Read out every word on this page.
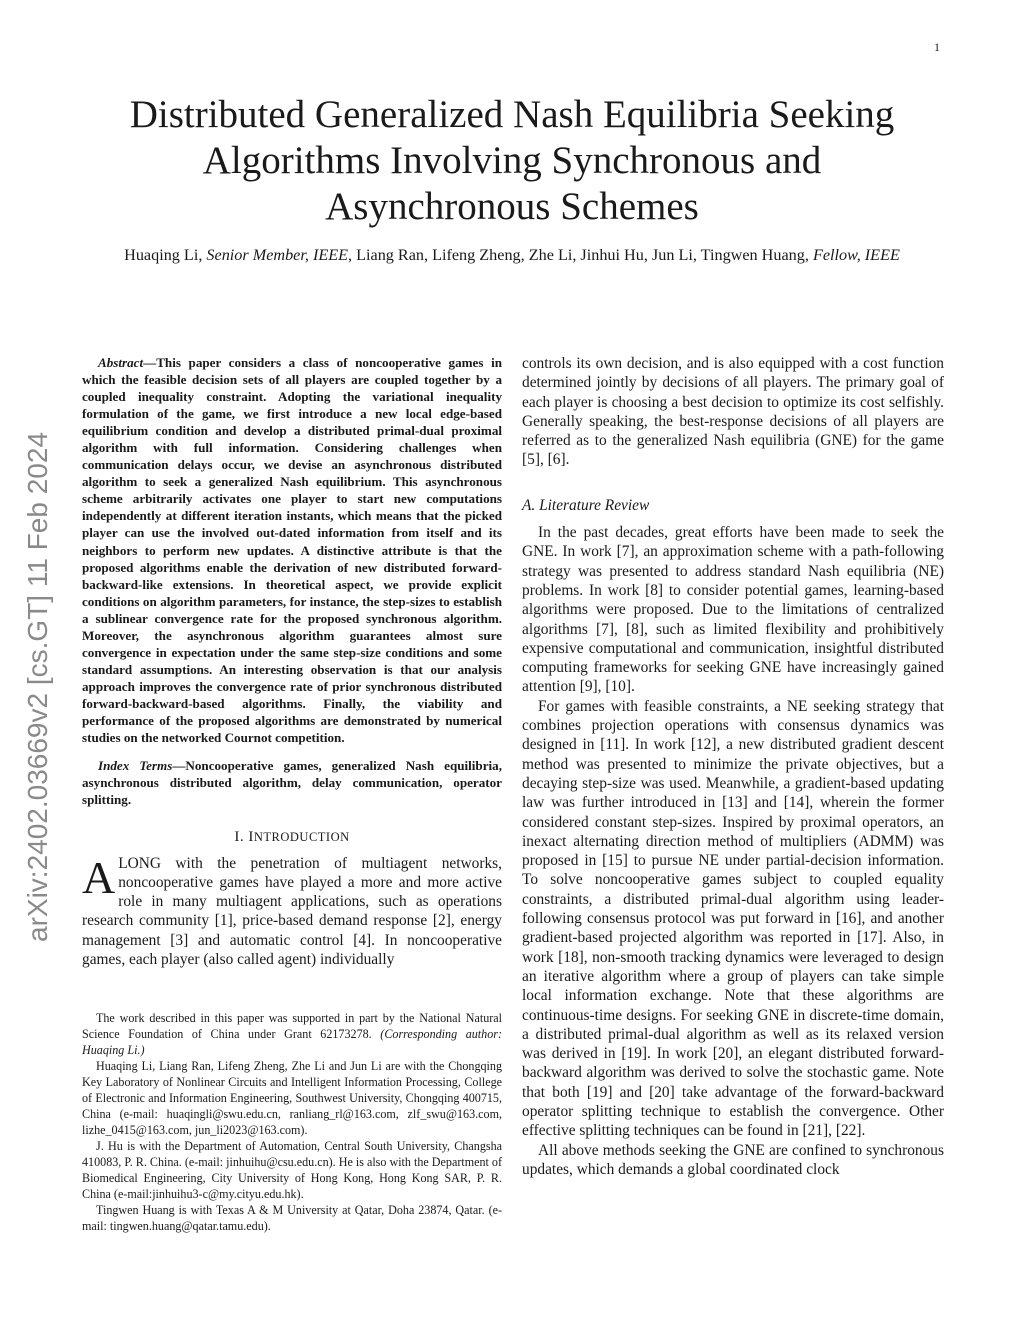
1
arXiv:2402.03669v2 [cs.GT] 11 Feb 2024
Distributed Generalized Nash Equilibria Seeking
Algorithms Involving Synchronous and
Asynchronous Schemes
Huaqing Li, Senior Member, IEEE, Liang Ran, Lifeng Zheng, Zhe Li, Jinhui Hu, Jun Li, Tingwen Huang, Fellow, IEEE

Abstract—This paper considers a class of noncooperative games in which the feasible decision sets of all players are coupled together by a coupled inequality constraint. Adopting the variational inequality formulation of the game, we first introduce a new local edge-based equilibrium condition and develop a distributed primal-dual proximal algorithm with full information. Considering challenges when communication delays occur, we devise an asynchronous distributed algorithm to seek a generalized Nash equilibrium. This asynchronous scheme arbitrarily activates one player to start new computations independently at different iteration instants, which means that the picked player can use the involved out-dated information from itself and its neighbors to perform new updates. A distinctive attribute is that the proposed algorithms enable the derivation of new distributed forward-backward-like extensions. In theoretical aspect, we provide explicit conditions on algorithm parameters, for instance, the step-sizes to establish a sublinear convergence rate for the proposed synchronous algorithm. Moreover, the asynchronous algorithm guarantees almost sure convergence in expectation under the same step-size conditions and some standard assumptions. An interesting observation is that our analysis approach improves the convergence rate of prior synchronous distributed forward-backward-based algorithms. Finally, the viability and performance of the proposed algorithms are demonstrated by numerical studies on the networked Cournot competition.

Index Terms—Noncooperative games, generalized Nash equilibria, asynchronous distributed algorithm, delay communication, operator splitting.

I. INTRODUCTION

ALONG with the penetration of multiagent networks, noncooperative games have played a more and more active role in many multiagent applications, such as operations research community [1], price-based demand response [2], energy management [3] and automatic control [4]. In noncooperative games, each player (also called agent) individually

The work described in this paper was supported in part by the National Natural Science Foundation of China under Grant 62173278. (Corresponding author: Huaqing Li.)

Huaqing Li, Liang Ran, Lifeng Zheng, Zhe Li and Jun Li are with the Chongqing Key Laboratory of Nonlinear Circuits and Intelligent Information Processing, College of Electronic and Information Engineering, Southwest University, Chongqing 400715, China (e-mail: huaqingli@swu.edu.cn, ranliang_rl@163.com, zlf_swu@163.com, lizhe_0415@163.com, jun_li2023@163.com).

J. Hu is with the Department of Automation, Central South University, Changsha 410083, P. R. China. (e-mail: jinhuihu@csu.edu.cn). He is also with the Department of Biomedical Engineering, City University of Hong Kong, Hong Kong SAR, P. R. China (e-mail:jinhuihu3-c@my.cityu.edu.hk).

Tingwen Huang is with Texas A & M University at Qatar, Doha 23874, Qatar. (e-mail: tingwen.huang@qatar.tamu.edu).

controls its own decision, and is also equipped with a cost function determined jointly by decisions of all players. The primary goal of each player is choosing a best decision to optimize its cost selfishly. Generally speaking, the best-response decisions of all players are referred as to the generalized Nash equilibria (GNE) for the game [5], [6].

A. Literature Review

In the past decades, great efforts have been made to seek the GNE. In work [7], an approximation scheme with a path-following strategy was presented to address standard Nash equilibria (NE) problems. In work [8] to consider potential games, learning-based algorithms were proposed. Due to the limitations of centralized algorithms [7], [8], such as limited flexibility and prohibitively expensive computational and communication, insightful distributed computing frameworks for seeking GNE have increasingly gained attention [9], [10].

For games with feasible constraints, a NE seeking strategy that combines projection operations with consensus dynamics was designed in [11]. In work [12], a new distributed gradient descent method was presented to minimize the private objectives, but a decaying step-size was used. Meanwhile, a gradient-based updating law was further introduced in [13] and [14], wherein the former considered constant step-sizes. Inspired by proximal operators, an inexact alternating direction method of multipliers (ADMM) was proposed in [15] to pursue NE under partial-decision information. To solve noncooperative games subject to coupled equality constraints, a distributed primal-dual algorithm using leader-following consensus protocol was put forward in [16], and another gradient-based projected algorithm was reported in [17]. Also, in work [18], non-smooth tracking dynamics were leveraged to design an iterative algorithm where a group of players can take simple local information exchange. Note that these algorithms are continuous-time designs. For seeking GNE in discrete-time domain, a distributed primal-dual algorithm as well as its relaxed version was derived in [19]. In work [20], an elegant distributed forward-backward algorithm was derived to solve the stochastic game. Note that both [19] and [20] take advantage of the forward-backward operator splitting technique to establish the convergence. Other effective splitting techniques can be found in [21], [22].

All above methods seeking the GNE are confined to synchronous updates, which demands a global coordinated clock
